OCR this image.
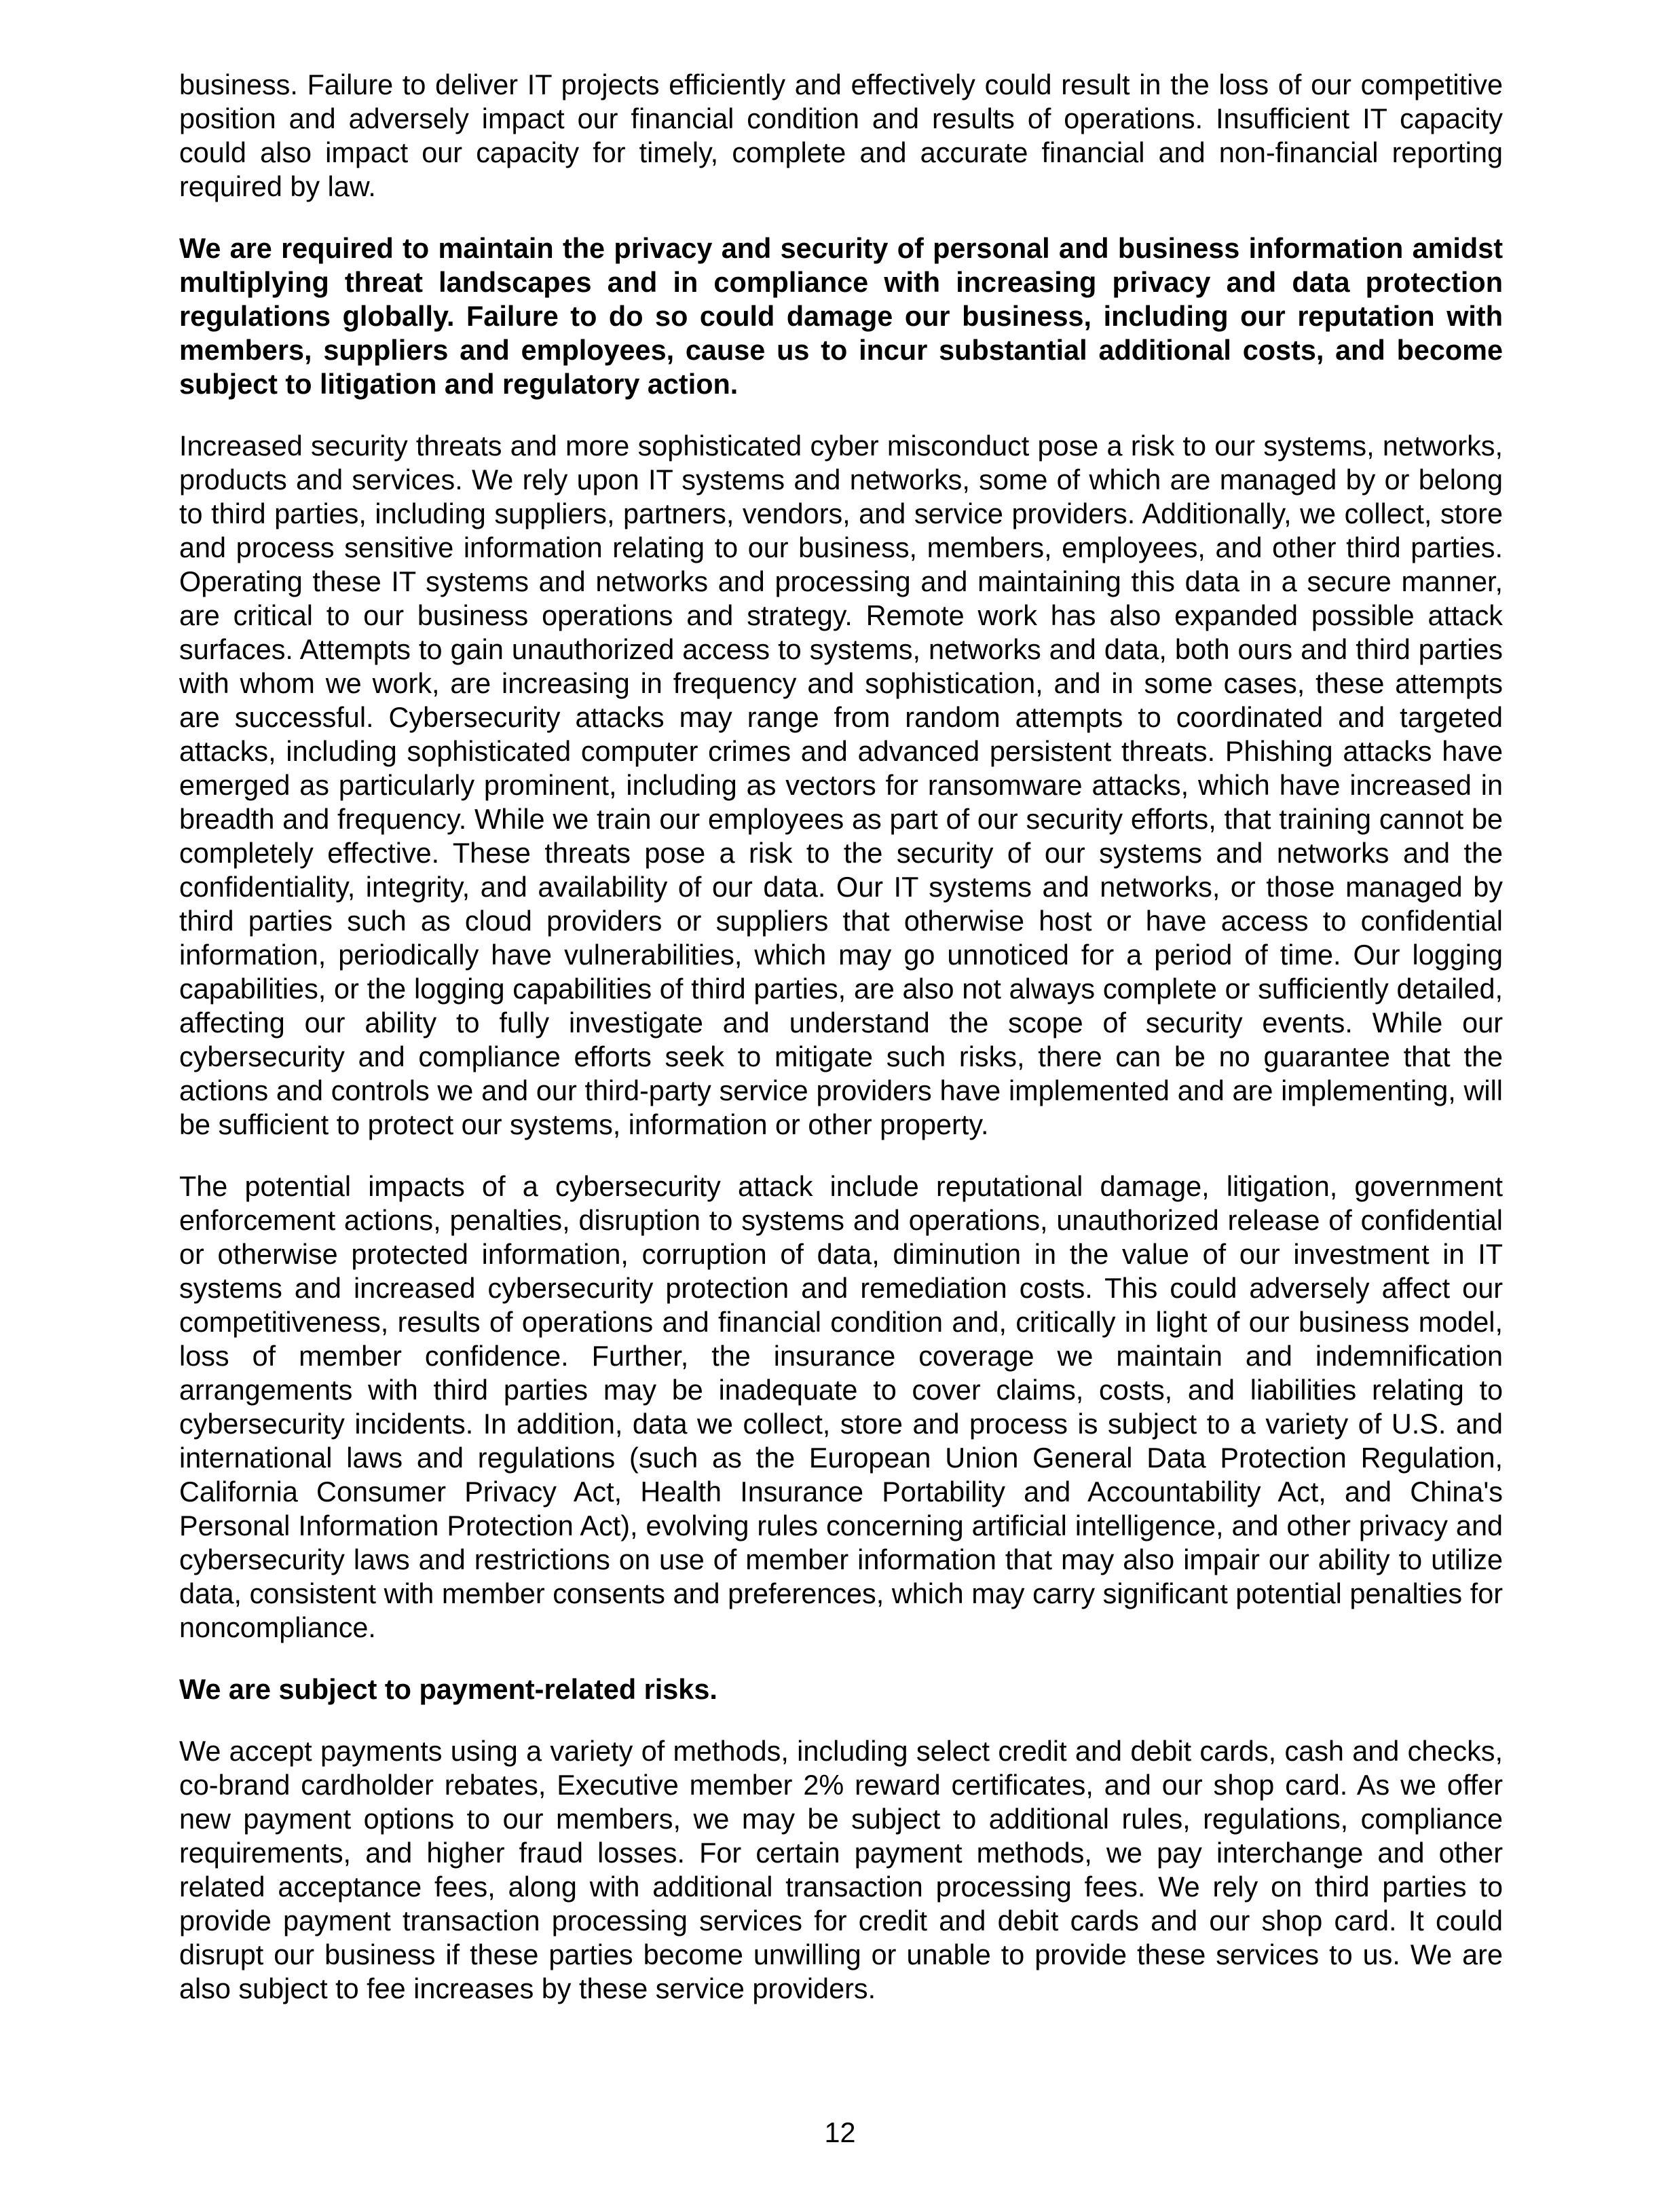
business. Failure to deliver IT projects efficiently and effectively could result in the loss of our competitive position and adversely impact our financial condition and results of operations. Insufficient IT capacity could also impact our capacity for timely, complete and accurate financial and non-financial reporting required by law.

We are required to maintain the privacy and security of personal and business information amidst multiplying threat landscapes and in compliance with increasing privacy and data protection regulations globally. Failure to do so could damage our business, including our reputation with members, suppliers and employees, cause us to incur substantial additional costs, and become subject to litigation and regulatory action.

Increased security threats and more sophisticated cyber misconduct pose a risk to our systems, networks, products and services. We rely upon IT systems and networks, some of which are managed by or belong to third parties, including suppliers, partners, vendors, and service providers. Additionally, we collect, store and process sensitive information relating to our business, members, employees, and other third parties. Operating these IT systems and networks and processing and maintaining this data in a secure manner, are critical to our business operations and strategy. Remote work has also expanded possible attack surfaces. Attempts to gain unauthorized access to systems, networks and data, both ours and third parties with whom we work, are increasing in frequency and sophistication, and in some cases, these attempts are successful. Cybersecurity attacks may range from random attempts to coordinated and targeted attacks, including sophisticated computer crimes and advanced persistent threats. Phishing attacks have emerged as particularly prominent, including as vectors for ransomware attacks, which have increased in breadth and frequency. While we train our employees as part of our security efforts, that training cannot be completely effective. These threats pose a risk to the security of our systems and networks and the confidentiality, integrity, and availability of our data. Our IT systems and networks, or those managed by third parties such as cloud providers or suppliers that otherwise host or have access to confidential information, periodically have vulnerabilities, which may go unnoticed for a period of time. Our logging capabilities, or the logging capabilities of third parties, are also not always complete or sufficiently detailed, affecting our ability to fully investigate and understand the scope of security events. While our cybersecurity and compliance efforts seek to mitigate such risks, there can be no guarantee that the actions and controls we and our third-party service providers have implemented and are implementing, will be sufficient to protect our systems, information or other property.

The potential impacts of a cybersecurity attack include reputational damage, litigation, government enforcement actions, penalties, disruption to systems and operations, unauthorized release of confidential or otherwise protected information, corruption of data, diminution in the value of our investment in IT systems and increased cybersecurity protection and remediation costs. This could adversely affect our competitiveness, results of operations and financial condition and, critically in light of our business model, loss of member confidence. Further, the insurance coverage we maintain and indemnification arrangements with third parties may be inadequate to cover claims, costs, and liabilities relating to cybersecurity incidents. In addition, data we collect, store and process is subject to a variety of U.S. and international laws and regulations (such as the European Union General Data Protection Regulation, California Consumer Privacy Act, Health Insurance Portability and Accountability Act, and China's Personal Information Protection Act), evolving rules concerning artificial intelligence, and other privacy and cybersecurity laws and restrictions on use of member information that may also impair our ability to utilize data, consistent with member consents and preferences, which may carry significant potential penalties for noncompliance.

We are subject to payment-related risks.

We accept payments using a variety of methods, including select credit and debit cards, cash and checks, co-brand cardholder rebates, Executive member 2% reward certificates, and our shop card. As we offer new payment options to our members, we may be subject to additional rules, regulations, compliance requirements, and higher fraud losses. For certain payment methods, we pay interchange and other related acceptance fees, along with additional transaction processing fees. We rely on third parties to provide payment transaction processing services for credit and debit cards and our shop card. It could disrupt our business if these parties become unwilling or unable to provide these services to us. We are also subject to fee increases by these service providers.

12
